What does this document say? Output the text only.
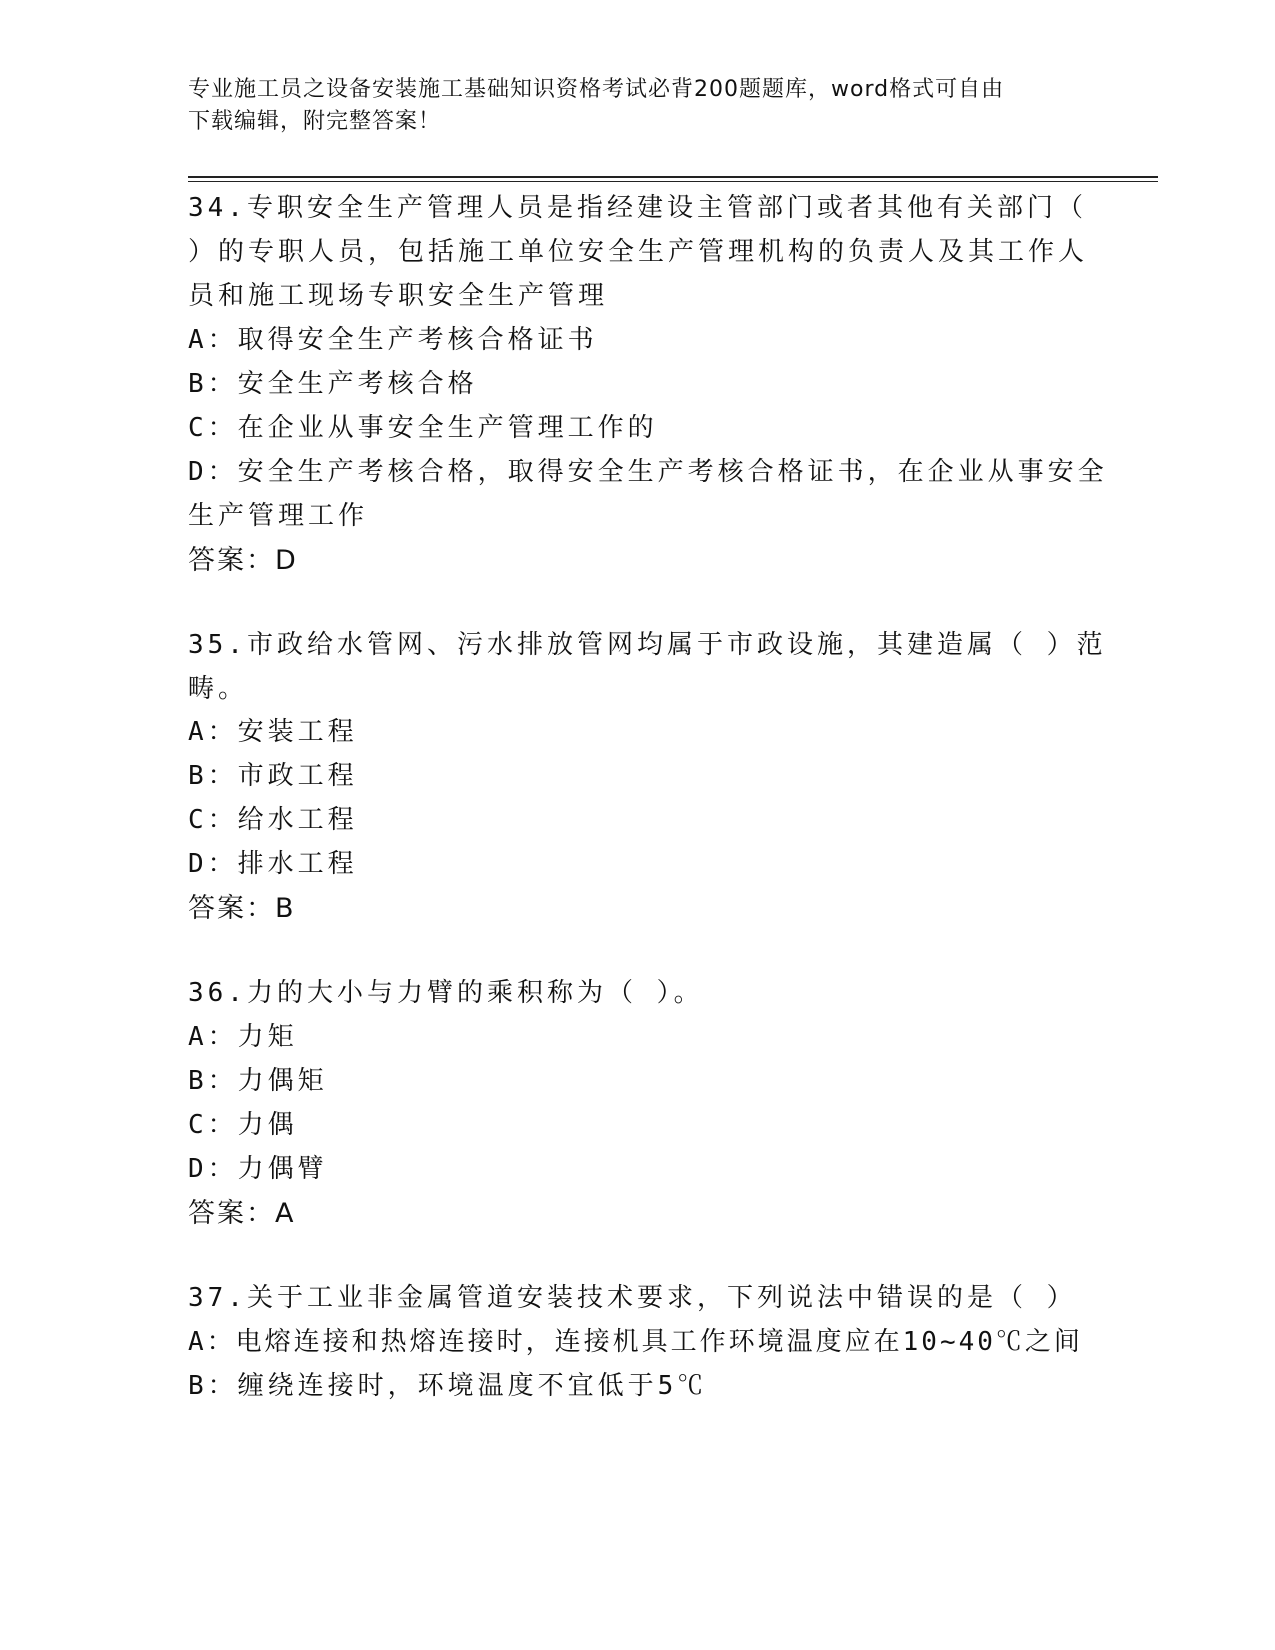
专业施工员之设备安装施工基础知识资格考试必背200题题库，word格式可自由
下载编辑，附完整答案！
34.专职安全生产管理人员是指经建设主管部门或者其他有关部门（
）的专职人员，包括施工单位安全生产管理机构的负责人及其工作人
员和施工现场专职安全生产管理
A：取得安全生产考核合格证书
B：安全生产考核合格
C：在企业从事安全生产管理工作的
D：安全生产考核合格，取得安全生产考核合格证书，在企业从事安全
生产管理工作
答案：D
35.市政给水管网、污水排放管网均属于市政设施，其建造属（ ）范
畴。
A：安装工程
B：市政工程
C：给水工程
D：排水工程
答案：B
36.力的大小与力臂的乘积称为（ ）。
A：力矩
B：力偶矩
C：力偶
D：力偶臂
答案：A
37.关于工业非金属管道安装技术要求，下列说法中错误的是（ ）
A：电熔连接和热熔连接时，连接机具工作环境温度应在10~40℃之间
B：缠绕连接时，环境温度不宜低于5℃
